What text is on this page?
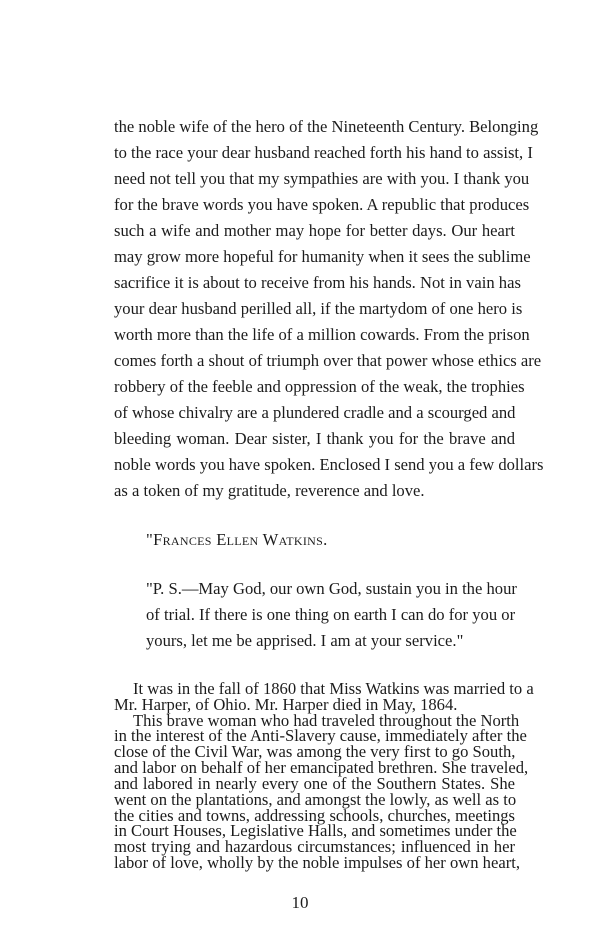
the noble wife of the hero of the Nineteenth Century. Belonging
to the race your dear husband reached forth his hand to assist, I
need not tell you that my sympathies are with you. I thank you
for the brave words you have spoken. A republic that produces
such a wife and mother may hope for better days. Our heart
may grow more hopeful for humanity when it sees the sublime
sacrifice it is about to receive from his hands. Not in vain has
your dear husband perilled all, if the martydom of one hero is
worth more than the life of a million cowards. From the prison
comes forth a shout of triumph over that power whose ethics are
robbery of the feeble and oppression of the weak, the trophies
of whose chivalry are a plundered cradle and a scourged and
bleeding woman. Dear sister, I thank you for the brave and
noble words you have spoken. Enclosed I send you a few dollars
as a token of my gratitude, reverence and love.
"Frances Ellen Watkins.
"P. S.—May God, our own God, sustain you in the hour
of trial. If there is one thing on earth I can do for you or
yours, let me be apprised. I am at your service."
It was in the fall of 1860 that Miss Watkins was married to a
Mr. Harper, of Ohio. Mr. Harper died in May, 1864.
This brave woman who had traveled throughout the North
in the interest of the Anti-Slavery cause, immediately after the
close of the Civil War, was among the very first to go South,
and labor on behalf of her emancipated brethren. She traveled,
and labored in nearly every one of the Southern States. She
went on the plantations, and amongst the lowly, as well as to
the cities and towns, addressing schools, churches, meetings
in Court Houses, Legislative Halls, and sometimes under the
most trying and hazardous circumstances; influenced in her
labor of love, wholly by the noble impulses of her own heart,
10
